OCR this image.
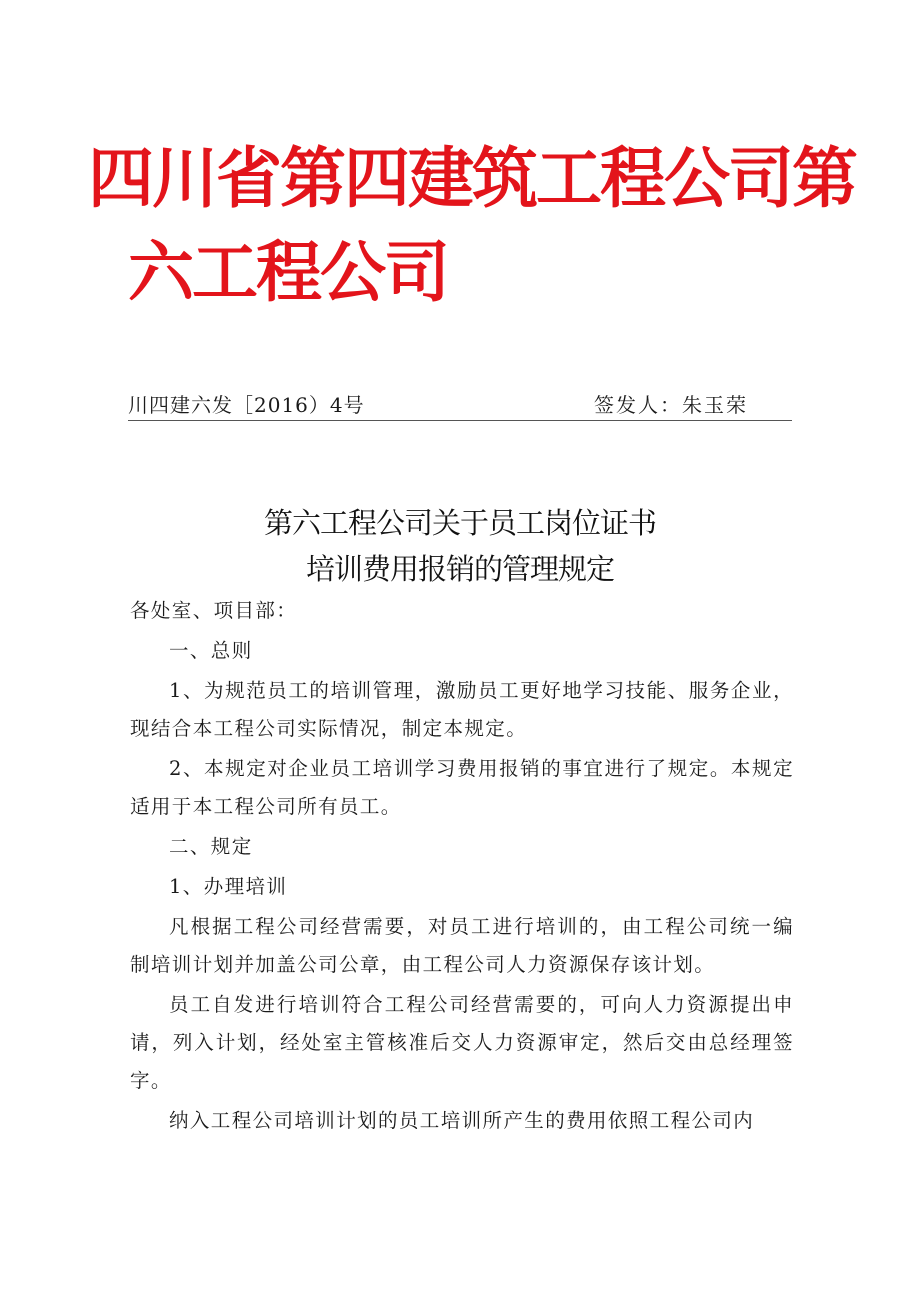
四川省第四建筑工程公司第
六工程公司
川四建六发［2016）4号	签发人：朱玉荣
第六工程公司关于员工岗位证书
培训费用报销的管理规定

各处室、项目部：

一、总则

1、为规范员工的培训管理，激励员工更好地学习技能、服务企业，现结合本工程公司实际情况，制定本规定。

2、本规定对企业员工培训学习费用报销的事宜进行了规定。本规定适用于本工程公司所有员工。

二、规定

1、办理培训

凡根据工程公司经营需要，对员工进行培训的，由工程公司统一编制培训计划并加盖公司公章，由工程公司人力资源保存该计划。

员工自发进行培训符合工程公司经营需要的，可向人力资源提出申请，列入计划，经处室主管核准后交人力资源审定，然后交由总经理签字。

纳入工程公司培训计划的员工培训所产生的费用依照工程公司内
